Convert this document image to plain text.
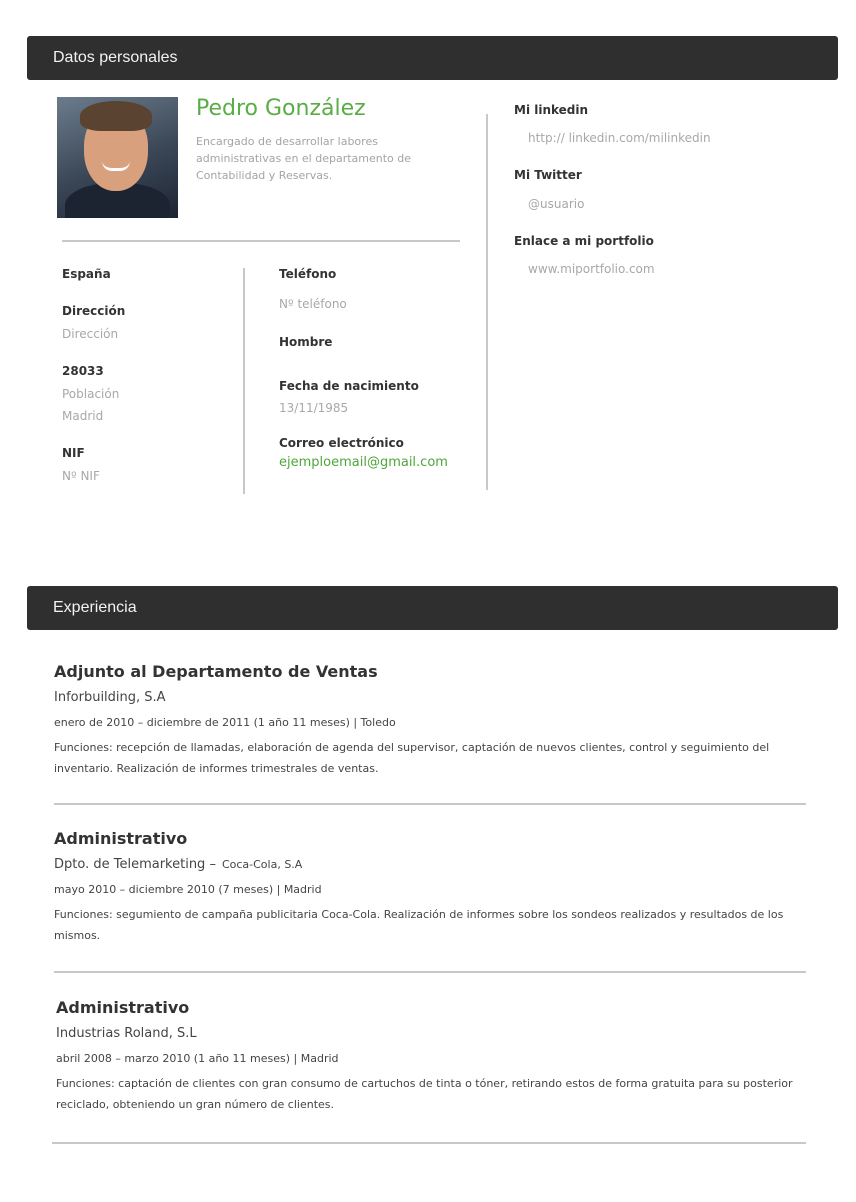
Datos personales
Pedro González
Encargado de desarrollar labores administrativas en el departamento de Contabilidad y Reservas.
España
Dirección
Dirección
28033
Población
Madrid
NIF
Nº NIF
Teléfono
Nº teléfono
Hombre
Fecha de nacimiento
13/11/1985
Correo electrónico
ejemploemail@gmail.com
Mi linkedin
http:// linkedin.com/milinkedin
Mi Twitter
@usuario
Enlace a mi portfolio
www.miportfolio.com
Experiencia
Adjunto al Departamento de Ventas
Inforbuilding, S.A
enero de 2010 – diciembre de 2011 (1 año 11 meses) | Toledo
Funciones: recepción de llamadas, elaboración de agenda del supervisor, captación de nuevos clientes, control y seguimiento del inventario. Realización de informes trimestrales de ventas.
Administrativo
Dpto. de Telemarketing – Coca-Cola, S.A
mayo 2010 – diciembre 2010 (7 meses) | Madrid
Funciones: segumiento de campaña publicitaria Coca-Cola. Realización de informes sobre los sondeos realizados y resultados de los mismos.
Administrativo
Industrias Roland, S.L
abril 2008 – marzo 2010 (1 año 11 meses) | Madrid
Funciones: captación de clientes con gran consumo de cartuchos de tinta o tóner, retirando estos de forma gratuita para su posterior reciclado, obteniendo un gran número de clientes.
